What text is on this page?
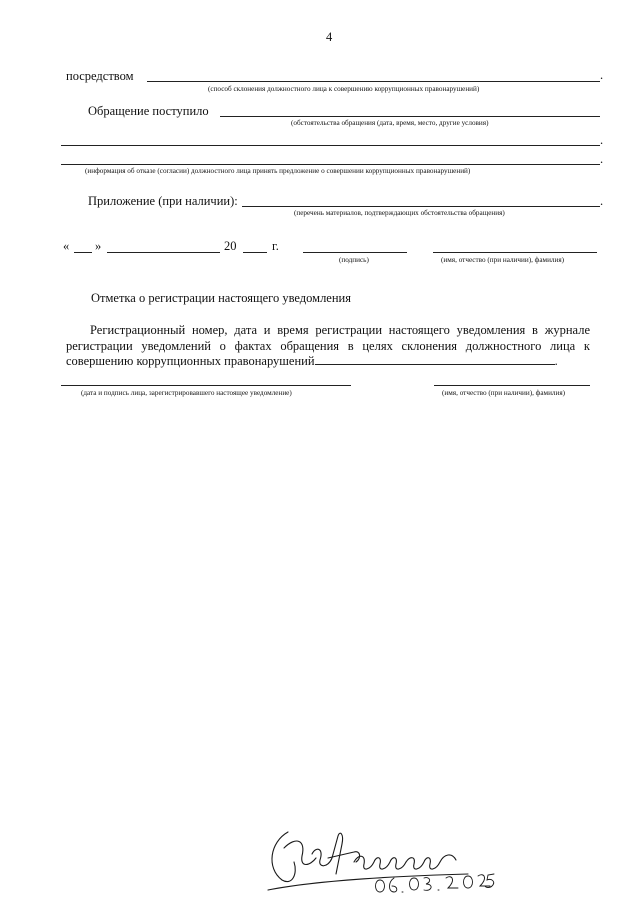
4
посредством	.
(способ склонения должностного лица к совершению коррупционных правонарушений)
Обращение поступило
(обстоятельства обращения (дата, время, место, другие условия)
.
.
(информация об отказе (согласии) должностного лица принять предложение о совершении коррупционных правонарушений)
Приложение (при наличии):	.
(перечень материалов, подтверждающих обстоятельства обращения)
« »	20	г.
(подпись)	(имя, отчество (при наличии), фамилия)
Отметка о регистрации настоящего уведомления
Регистрационный номер, дата и время регистрации настоящего уведомления в журнале регистрации уведомлений о фактах обращения в целях склонения должностного лица к совершению коррупционных правонарушений	.
(дата и подпись лица, зарегистрировавшего настоящее уведомление)	(имя, отчество (при наличии), фамилия)
